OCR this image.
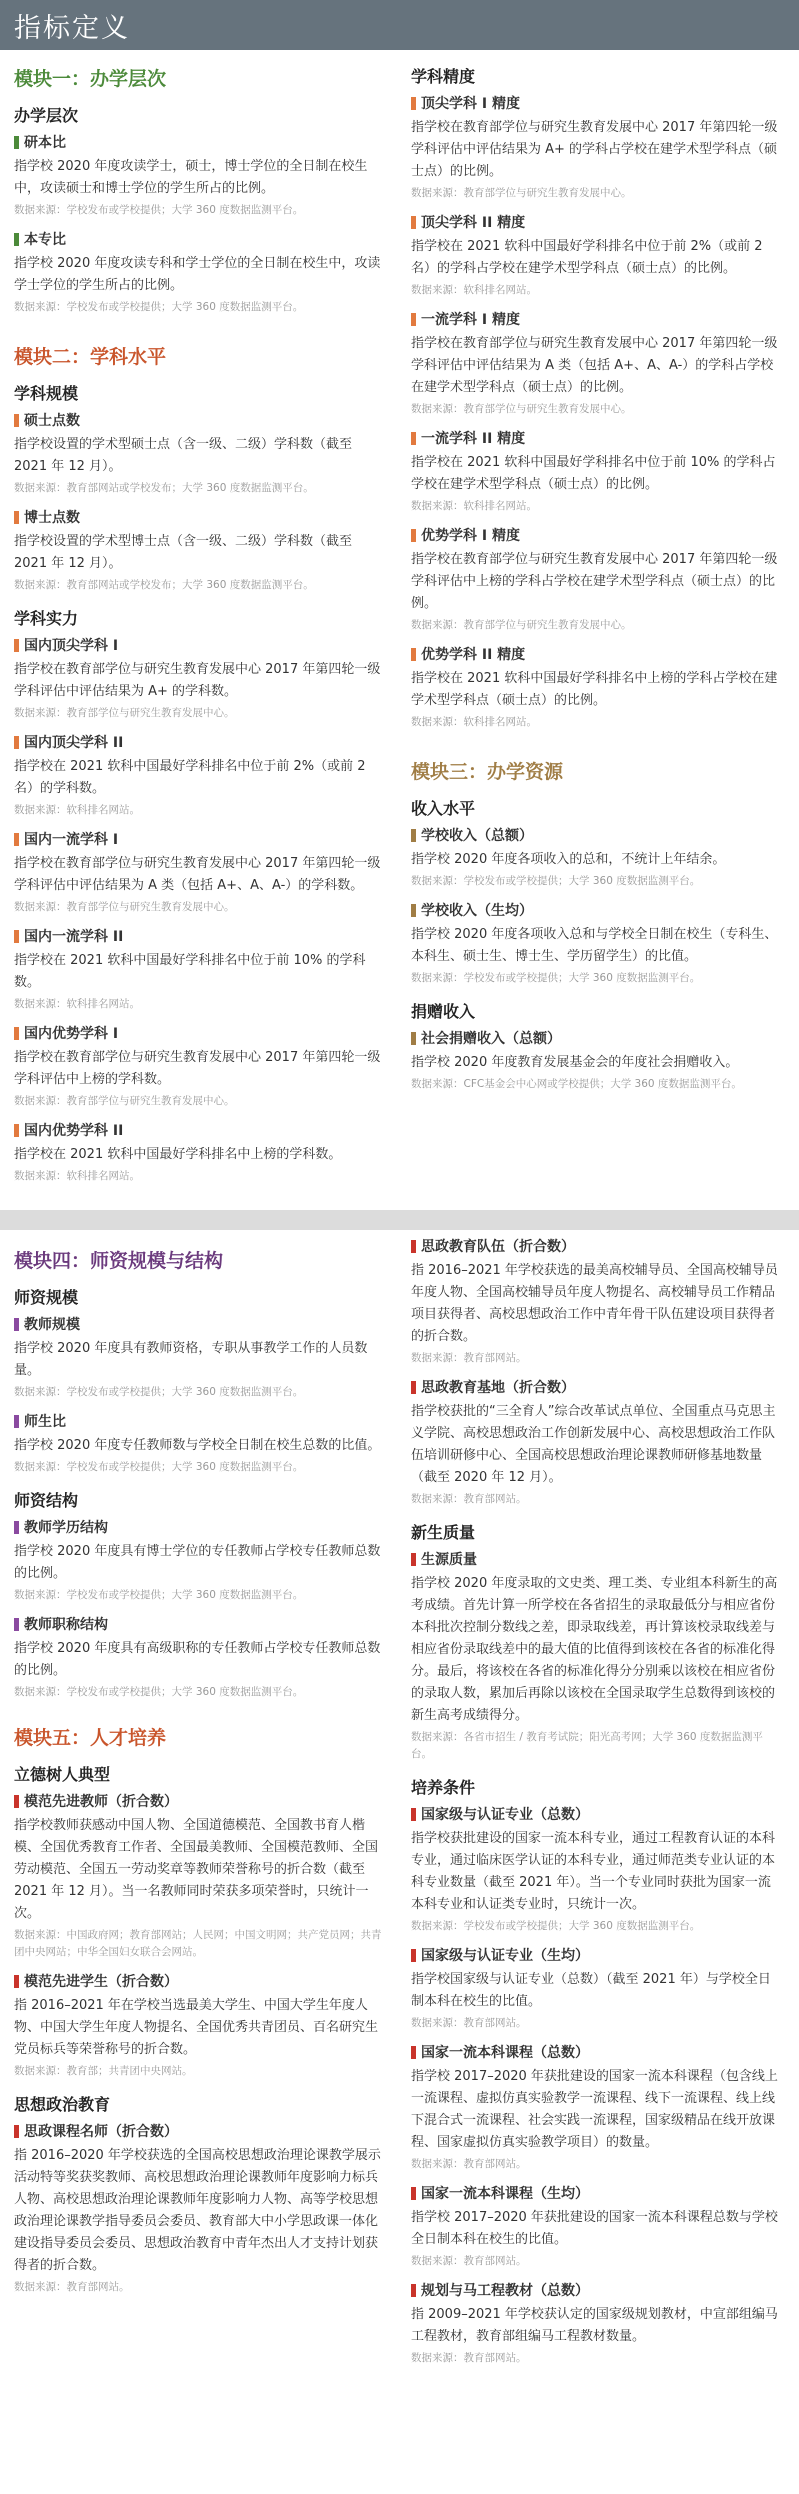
指标定义
模块一：办学层次
办学层次
研本比
指学校 2020 年度攻读学士，硕士，博士学位的全日制在校生中，攻读硕士和博士学位的学生所占的比例。
数据来源：学校发布或学校提供；大学 360 度数据监测平台。
本专比
指学校 2020 年度攻读专科和学士学位的全日制在校生中，攻读学士学位的学生所占的比例。
数据来源：学校发布或学校提供；大学 360 度数据监测平台。
模块二：学科水平
学科规模
硕士点数
指学校设置的学术型硕士点（含一级、二级）学科数（截至 2021 年 12 月）。
数据来源：教育部网站或学校发布；大学 360 度数据监测平台。
博士点数
指学校设置的学术型博士点（含一级、二级）学科数（截至 2021 年 12 月）。
数据来源：教育部网站或学校发布；大学 360 度数据监测平台。
学科实力
国内顶尖学科 I
指学校在教育部学位与研究生教育发展中心 2017 年第四轮一级学科评估中评估结果为 A+ 的学科数。
数据来源：教育部学位与研究生教育发展中心。
国内顶尖学科 II
指学校在 2021 软科中国最好学科排名中位于前 2%（或前 2 名）的学科数。
数据来源：软科排名网站。
国内一流学科 I
指学校在教育部学位与研究生教育发展中心 2017 年第四轮一级学科评估中评估结果为 A 类（包括 A+、A、A-）的学科数。
数据来源：教育部学位与研究生教育发展中心。
国内一流学科 II
指学校在 2021 软科中国最好学科排名中位于前 10% 的学科数。
数据来源：软科排名网站。
国内优势学科 I
指学校在教育部学位与研究生教育发展中心 2017 年第四轮一级学科评估中上榜的学科数。
数据来源：教育部学位与研究生教育发展中心。
国内优势学科 II
指学校在 2021 软科中国最好学科排名中上榜的学科数。
数据来源：软科排名网站。
学科精度
顶尖学科 I 精度
指学校在教育部学位与研究生教育发展中心 2017 年第四轮一级学科评估中评估结果为 A+ 的学科占学校在建学术型学科点（硕士点）的比例。
数据来源：教育部学位与研究生教育发展中心。
顶尖学科 II 精度
指学校在 2021 软科中国最好学科排名中位于前 2%（或前 2 名）的学科占学校在建学术型学科点（硕士点）的比例。
数据来源：软科排名网站。
一流学科 I 精度
指学校在教育部学位与研究生教育发展中心 2017 年第四轮一级学科评估中评估结果为 A 类（包括 A+、A、A-）的学科占学校在建学术型学科点（硕士点）的比例。
数据来源：教育部学位与研究生教育发展中心。
一流学科 II 精度
指学校在 2021 软科中国最好学科排名中位于前 10% 的学科占学校在建学术型学科点（硕士点）的比例。
数据来源：软科排名网站。
优势学科 I 精度
指学校在教育部学位与研究生教育发展中心 2017 年第四轮一级学科评估中上榜的学科占学校在建学术型学科点（硕士点）的比例。
数据来源：教育部学位与研究生教育发展中心。
优势学科 II 精度
指学校在 2021 软科中国最好学科排名中上榜的学科占学校在建学术型学科点（硕士点）的比例。
数据来源：软科排名网站。
模块三：办学资源
收入水平
学校收入（总额）
指学校 2020 年度各项收入的总和，不统计上年结余。
数据来源：学校发布或学校提供；大学 360 度数据监测平台。
学校收入（生均）
指学校 2020 年度各项收入总和与学校全日制在校生（专科生、本科生、硕士生、博士生、学历留学生）的比值。
数据来源：学校发布或学校提供；大学 360 度数据监测平台。
捐赠收入
社会捐赠收入（总额）
指学校 2020 年度教育发展基金会的年度社会捐赠收入。
数据来源：CFC基金会中心网或学校提供；大学 360 度数据监测平台。
模块四：师资规模与结构
师资规模
教师规模
指学校 2020 年度具有教师资格，专职从事教学工作的人员数量。
数据来源：学校发布或学校提供；大学 360 度数据监测平台。
师生比
指学校 2020 年度专任教师数与学校全日制在校生总数的比值。
数据来源：学校发布或学校提供；大学 360 度数据监测平台。
师资结构
教师学历结构
指学校 2020 年度具有博士学位的专任教师占学校专任教师总数的比例。
数据来源：学校发布或学校提供；大学 360 度数据监测平台。
教师职称结构
指学校 2020 年度具有高级职称的专任教师占学校专任教师总数的比例。
数据来源：学校发布或学校提供；大学 360 度数据监测平台。
模块五：人才培养
立德树人典型
模范先进教师（折合数）
指学校教师获感动中国人物、全国道德模范、全国教书育人楷模、全国优秀教育工作者、全国最美教师、全国模范教师、全国劳动模范、全国五一劳动奖章等教师荣誉称号的折合数（截至 2021 年 12 月）。当一名教师同时荣获多项荣誉时，只统计一次。
数据来源：中国政府网；教育部网站；人民网；中国文明网；共产党员网；共青团中央网站；中华全国妇女联合会网站。
模范先进学生（折合数）
指 2016–2021 年在学校当选最美大学生、中国大学生年度人物、中国大学生年度人物提名、全国优秀共青团员、百名研究生党员标兵等荣誉称号的折合数。
数据来源：教育部；共青团中央网站。
思想政治教育
思政课程名师（折合数）
指 2016–2020 年学校获选的全国高校思想政治理论课教学展示活动特等奖获奖教师、高校思想政治理论课教师年度影响力标兵人物、高校思想政治理论课教师年度影响力人物、高等学校思想政治理论课教学指导委员会委员、教育部大中小学思政课一体化建设指导委员会委员、思想政治教育中青年杰出人才支持计划获得者的折合数。
数据来源：教育部网站。
思政教育队伍（折合数）
指 2016–2021 年学校获选的最美高校辅导员、全国高校辅导员年度人物、全国高校辅导员年度人物提名、高校辅导员工作精品项目获得者、高校思想政治工作中青年骨干队伍建设项目获得者的折合数。
数据来源：教育部网站。
思政教育基地（折合数）
指学校获批的“三全育人”综合改革试点单位、全国重点马克思主义学院、高校思想政治工作创新发展中心、高校思想政治工作队伍培训研修中心、全国高校思想政治理论课教师研修基地数量（截至 2020 年 12 月）。
数据来源：教育部网站。
新生质量
生源质量
指学校 2020 年度录取的文史类、理工类、专业组本科新生的高考成绩。首先计算一所学校在各省招生的录取最低分与相应省份本科批次控制分数线之差，即录取线差，再计算该校录取线差与相应省份录取线差中的最大值的比值得到该校在各省的标准化得分。最后，将该校在各省的标准化得分分别乘以该校在相应省份的录取人数，累加后再除以该校在全国录取学生总数得到该校的新生高考成绩得分。
数据来源：各省市招生 / 教育考试院；阳光高考网；大学 360 度数据监测平台。
培养条件
国家级与认证专业（总数）
指学校获批建设的国家一流本科专业，通过工程教育认证的本科专业，通过临床医学认证的本科专业，通过师范类专业认证的本科专业数量（截至 2021 年）。当一个专业同时获批为国家一流本科专业和认证类专业时，只统计一次。
数据来源：学校发布或学校提供；大学 360 度数据监测平台。
国家级与认证专业（生均）
指学校国家级与认证专业（总数）（截至 2021 年）与学校全日制本科在校生的比值。
数据来源：教育部网站。
国家一流本科课程（总数）
指学校 2017–2020 年获批建设的国家一流本科课程（包含线上一流课程、虚拟仿真实验教学一流课程、线下一流课程、线上线下混合式一流课程、社会实践一流课程，国家级精品在线开放课程、国家虚拟仿真实验教学项目）的数量。
数据来源：教育部网站。
国家一流本科课程（生均）
指学校 2017–2020 年获批建设的国家一流本科课程总数与学校全日制本科在校生的比值。
数据来源：教育部网站。
规划与马工程教材（总数）
指 2009–2021 年学校获认定的国家级规划教材，中宣部组编马工程教材，教育部组编马工程教材数量。
数据来源：教育部网站。
